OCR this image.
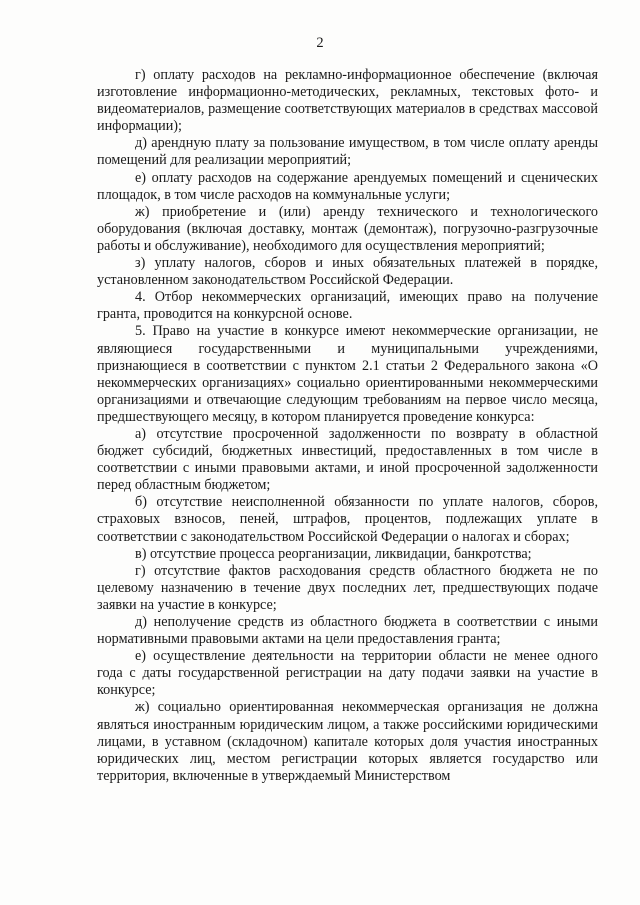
2

г) оплату расходов на рекламно-информационное обеспечение (включая изготовление информационно-методических, рекламных, текстовых фото- и видеоматериалов, размещение соответствующих материалов в средствах массовой информации);

д) арендную плату за пользование имуществом, в том числе оплату аренды помещений для реализации мероприятий;

е) оплату расходов на содержание арендуемых помещений и сценических площадок, в том числе расходов на коммунальные услуги;

ж) приобретение и (или) аренду технического и технологического оборудования (включая доставку, монтаж (демонтаж), погрузочно-разгрузочные работы и обслуживание), необходимого для осуществления мероприятий;

з) уплату налогов, сборов и иных обязательных платежей в порядке, установленном законодательством Российской Федерации.

4. Отбор некоммерческих организаций, имеющих право на получение гранта, проводится на конкурсной основе.

5. Право на участие в конкурсе имеют некоммерческие организации, не являющиеся государственными и муниципальными учреждениями, признающиеся в соответствии с пунктом 2.1 статьи 2 Федерального закона «О некоммерческих организациях» социально ориентированными некоммерческими организациями и отвечающие следующим требованиям на первое число месяца, предшествующего месяцу, в котором планируется проведение конкурса:

а) отсутствие просроченной задолженности по возврату в областной бюджет субсидий, бюджетных инвестиций, предоставленных в том числе в соответствии с иными правовыми актами, и иной просроченной задолженности перед областным бюджетом;

б) отсутствие неисполненной обязанности по уплате налогов, сборов, страховых взносов, пеней, штрафов, процентов, подлежащих уплате в соответствии с законодательством Российской Федерации о налогах и сборах;

в) отсутствие процесса реорганизации, ликвидации, банкротства;

г) отсутствие фактов расходования средств областного бюджета не по целевому назначению в течение двух последних лет, предшествующих подаче заявки на участие в конкурсе;

д) неполучение средств из областного бюджета в соответствии с иными нормативными правовыми актами на цели предоставления гранта;

е) осуществление деятельности на территории области не менее одного года с даты государственной регистрации на дату подачи заявки на участие в конкурсе;

ж) социально ориентированная некоммерческая организация не должна являться иностранным юридическим лицом, а также российскими юридическими лицами, в уставном (складочном) капитале которых доля участия иностранных юридических лиц, местом регистрации которых является государство или территория, включенные в утверждаемый Министерством
